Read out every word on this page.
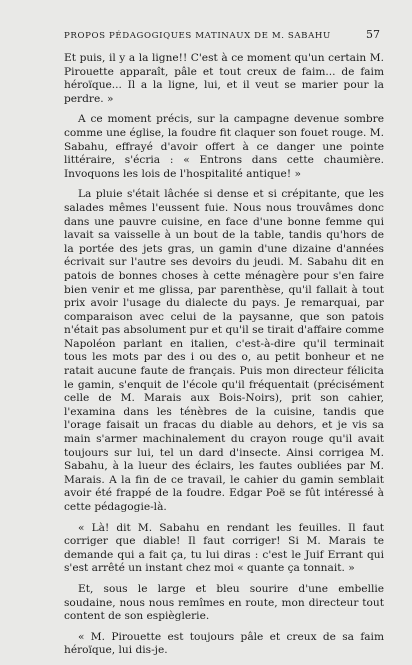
PROPOS PÉDAGOGIQUES MATINAUX DE M. SABAHU	57

Et puis, il y a la ligne!! C'est à ce moment qu'un certain M. Pirouette apparaît, pâle et tout creux de faim... de faim héroïque... Il a la ligne, lui, et il veut se marier pour la perdre. »

A ce moment précis, sur la campagne devenue sombre comme une église, la foudre fit claquer son fouet rouge. M. Sabahu, effrayé d'avoir offert à ce danger une pointe littéraire, s'écria : « Entrons dans cette chaumière. Invoquons les lois de l'hospitalité antique! »

La pluie s'était lâchée si dense et si crépitante, que les salades mêmes l'eussent fuie. Nous nous trouvâmes donc dans une pauvre cuisine, en face d'une bonne femme qui lavait sa vaisselle à un bout de la table, tandis qu'hors de la portée des jets gras, un gamin d'une dizaine d'années écrivait sur l'autre ses devoirs du jeudi. M. Sabahu dit en patois de bonnes choses à cette ménagère pour s'en faire bien venir et me glissa, par parenthèse, qu'il fallait à tout prix avoir l'usage du dialecte du pays. Je remarquai, par comparaison avec celui de la paysanne, que son patois n'était pas absolument pur et qu'il se tirait d'affaire comme Napoléon parlant en italien, c'est-à-dire qu'il terminait tous les mots par des i ou des o, au petit bonheur et ne ratait aucune faute de français. Puis mon directeur félicita le gamin, s'enquit de l'école qu'il fréquentait (précisément celle de M. Marais aux Bois-Noirs), prit son cahier, l'examina dans les ténèbres de la cuisine, tandis que l'orage faisait un fracas du diable au dehors, et je vis sa main s'armer machinalement du crayon rouge qu'il avait toujours sur lui, tel un dard d'insecte. Ainsi corrigea M. Sabahu, à la lueur des éclairs, les fautes oubliées par M. Marais. A la fin de ce travail, le cahier du gamin semblait avoir été frappé de la foudre. Edgar Poë se fût intéressé à cette pédagogie-là.

« Là! dit M. Sabahu en rendant les feuilles. Il faut corriger que diable! Il faut corriger! Si M. Marais te demande qui a fait ça, tu lui diras : c'est le Juif Errant qui s'est arrêté un instant chez moi « quante ça tonnait. »

Et, sous le large et bleu sourire d'une embellie soudaine, nous nous remîmes en route, mon directeur tout content de son espièglerie.

« M. Pirouette est toujours pâle et creux de sa faim héroïque, lui dis-je.
